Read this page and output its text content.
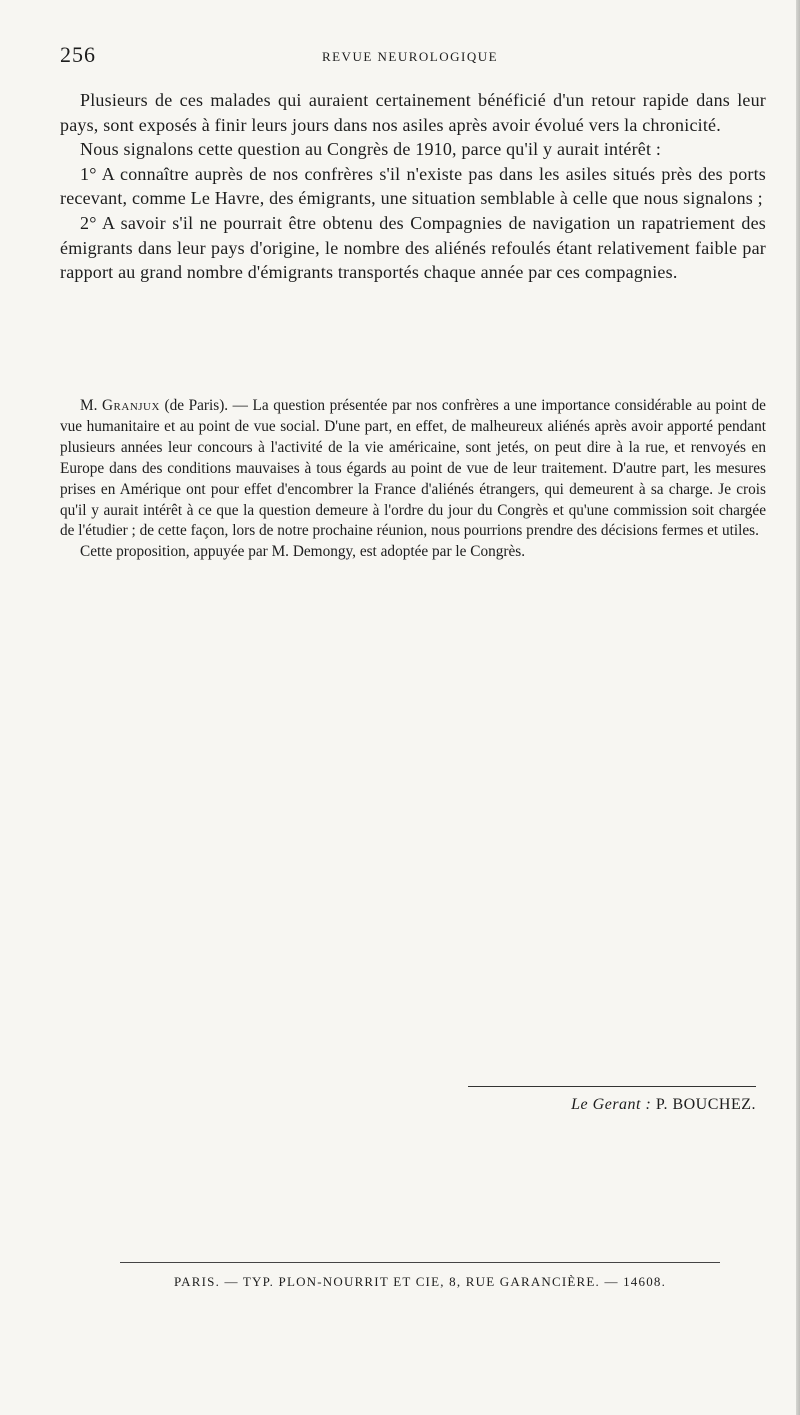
256	REVUE NEUROLOGIQUE

Plusieurs de ces malades qui auraient certainement bénéficié d'un retour rapide dans leur pays, sont exposés à finir leurs jours dans nos asiles après avoir évolué vers la chronicité.

Nous signalons cette question au Congrès de 1910, parce qu'il y aurait intérêt :

1° A connaître auprès de nos confrères s'il n'existe pas dans les asiles situés près des ports recevant, comme Le Havre, des émigrants, une situation semblable à celle que nous signalons ;

2° A savoir s'il ne pourrait être obtenu des Compagnies de navigation un rapatriement des émigrants dans leur pays d'origine, le nombre des aliénés refoulés étant relativement faible par rapport au grand nombre d'émigrants transportés chaque année par ces compagnies.

M. Granjux (de Paris). — La question présentée par nos confrères a une importance considérable au point de vue humanitaire et au point de vue social. D'une part, en effet, de malheureux aliénés après avoir apporté pendant plusieurs années leur concours à l'activité de la vie américaine, sont jetés, on peut dire à la rue, et renvoyés en Europe dans des conditions mauvaises à tous égards au point de vue de leur traitement. D'autre part, les mesures prises en Amérique ont pour effet d'encombrer la France d'aliénés étrangers, qui demeurent à sa charge. Je crois qu'il y aurait intérêt à ce que la question demeure à l'ordre du jour du Congrès et qu'une commission soit chargée de l'étudier ; de cette façon, lors de notre prochaine réunion, nous pourrions prendre des décisions fermes et utiles.

Cette proposition, appuyée par M. Demongy, est adoptée par le Congrès.

Le Gerant : P. BOUCHEZ.
PARIS. — TYP. PLON-NOURRIT ET CIE, 8, RUE GARANCIÈRE. — 14608.
